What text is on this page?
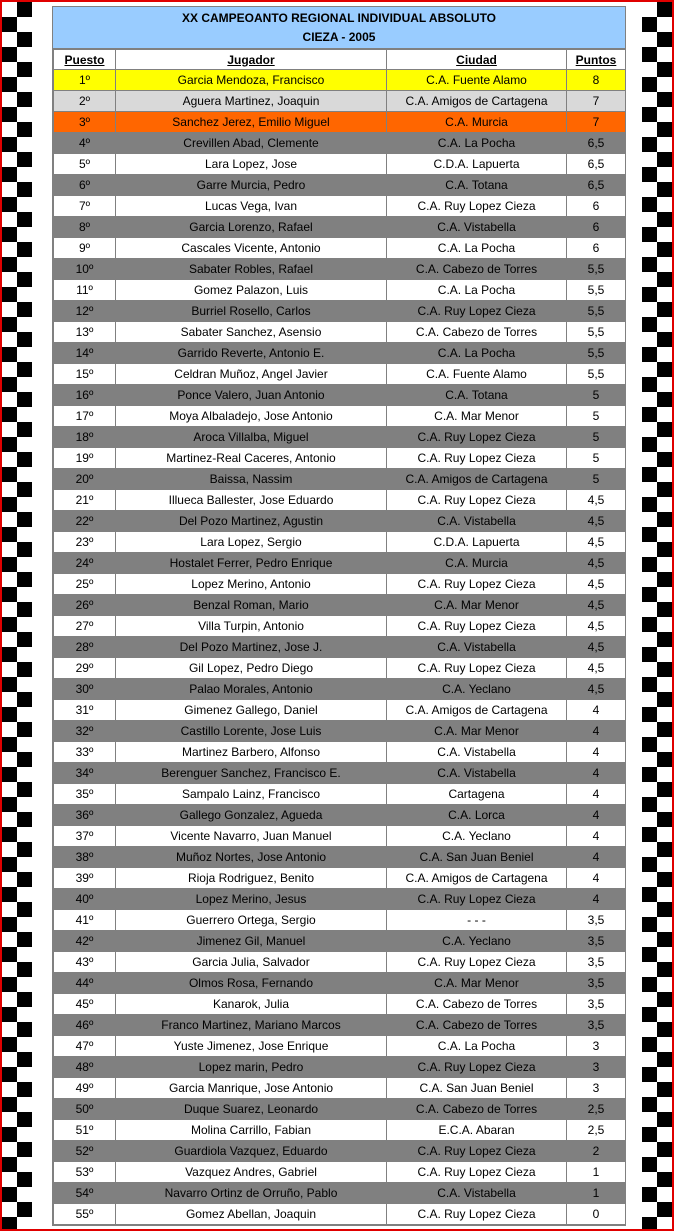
XX CAMPEOANTO REGIONAL INDIVIDUAL ABSOLUTO
CIEZA - 2005
Puesto	Jugador	Ciudad	Puntos
1º	Garcia Mendoza, Francisco	C.A. Fuente Alamo	8
2º	Aguera Martinez, Joaquin	C.A. Amigos de Cartagena	7
3º	Sanchez Jerez, Emilio Miguel	C.A. Murcia	7
4º	Crevillen Abad, Clemente	C.A. La Pocha	6,5
5º	Lara Lopez, Jose	C.D.A. Lapuerta	6,5
6º	Garre Murcia, Pedro	C.A. Totana	6,5
7º	Lucas Vega, Ivan	C.A. Ruy Lopez Cieza	6
8º	Garcia Lorenzo, Rafael	C.A. Vistabella	6
9º	Cascales Vicente, Antonio	C.A. La Pocha	6
10º	Sabater Robles, Rafael	C.A. Cabezo de Torres	5,5
11º	Gomez Palazon, Luis	C.A. La Pocha	5,5
12º	Burriel Rosello, Carlos	C.A. Ruy Lopez Cieza	5,5
13º	Sabater Sanchez, Asensio	C.A. Cabezo de Torres	5,5
14º	Garrido Reverte, Antonio E.	C.A. La Pocha	5,5
15º	Celdran Muñoz, Angel Javier	C.A. Fuente Alamo	5,5
16º	Ponce Valero, Juan Antonio	C.A. Totana	5
17º	Moya Albaladejo, Jose Antonio	C.A. Mar Menor	5
18º	Aroca Villalba, Miguel	C.A. Ruy Lopez Cieza	5
19º	Martinez-Real Caceres, Antonio	C.A. Ruy Lopez Cieza	5
20º	Baissa, Nassim	C.A. Amigos de Cartagena	5
21º	Illueca Ballester, Jose Eduardo	C.A. Ruy Lopez Cieza	4,5
22º	Del Pozo Martinez, Agustin	C.A. Vistabella	4,5
23º	Lara Lopez, Sergio	C.D.A. Lapuerta	4,5
24º	Hostalet Ferrer, Pedro Enrique	C.A. Murcia	4,5
25º	Lopez Merino, Antonio	C.A. Ruy Lopez Cieza	4,5
26º	Benzal Roman, Mario	C.A. Mar Menor	4,5
27º	Villa Turpin, Antonio	C.A. Ruy Lopez Cieza	4,5
28º	Del Pozo Martinez, Jose J.	C.A. Vistabella	4,5
29º	Gil Lopez, Pedro Diego	C.A. Ruy Lopez Cieza	4,5
30º	Palao Morales, Antonio	C.A. Yeclano	4,5
31º	Gimenez Gallego, Daniel	C.A. Amigos de Cartagena	4
32º	Castillo Lorente, Jose Luis	C.A. Mar Menor	4
33º	Martinez Barbero, Alfonso	C.A. Vistabella	4
34º	Berenguer Sanchez, Francisco E.	C.A. Vistabella	4
35º	Sampalo Lainz, Francisco	Cartagena	4
36º	Gallego Gonzalez, Agueda	C.A. Lorca	4
37º	Vicente Navarro, Juan Manuel	C.A. Yeclano	4
38º	Muñoz Nortes, Jose Antonio	C.A. San Juan Beniel	4
39º	Rioja Rodriguez, Benito	C.A. Amigos de Cartagena	4
40º	Lopez Merino, Jesus	C.A. Ruy Lopez Cieza	4
41º	Guerrero Ortega, Sergio	- - -	3,5
42º	Jimenez Gil, Manuel	C.A. Yeclano	3,5
43º	Garcia Julia, Salvador	C.A. Ruy Lopez Cieza	3,5
44º	Olmos Rosa, Fernando	C.A. Mar Menor	3,5
45º	Kanarok, Julia	C.A. Cabezo de Torres	3,5
46º	Franco Martinez, Mariano Marcos	C.A. Cabezo de Torres	3,5
47º	Yuste Jimenez, Jose Enrique	C.A. La Pocha	3
48º	Lopez marin, Pedro	C.A. Ruy Lopez Cieza	3
49º	Garcia Manrique, Jose Antonio	C.A. San Juan Beniel	3
50º	Duque Suarez, Leonardo	C.A. Cabezo de Torres	2,5
51º	Molina Carrillo, Fabian	E.C.A. Abaran	2,5
52º	Guardiola Vazquez, Eduardo	C.A. Ruy Lopez Cieza	2
53º	Vazquez Andres, Gabriel	C.A. Ruy Lopez Cieza	1
54º	Navarro Ortinz de Orruño, Pablo	C.A. Vistabella	1
55º	Gomez Abellan, Joaquin	C.A. Ruy Lopez Cieza	0
